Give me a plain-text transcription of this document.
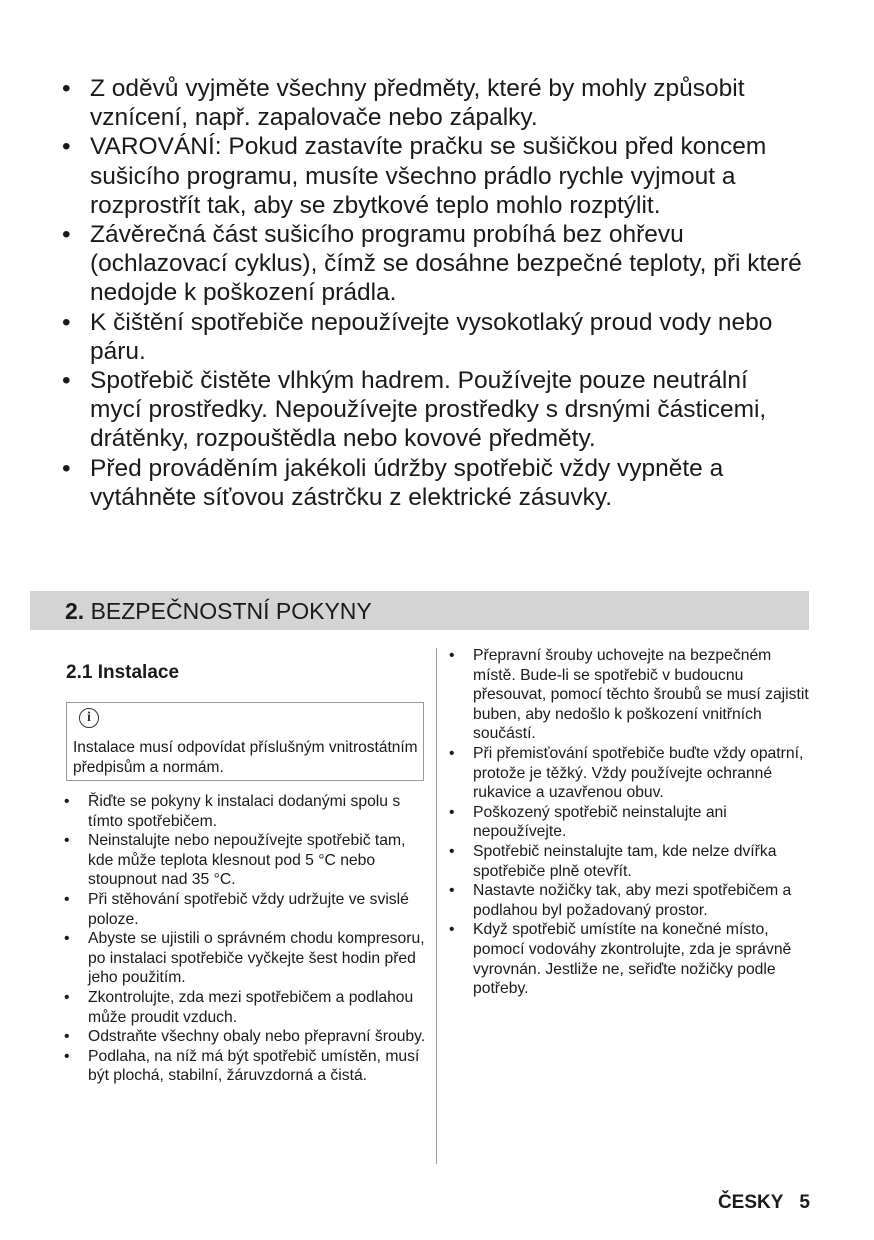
• Z oděvů vyjměte všechny předměty, které by mohly způsobit vznícení, např. zapalovače nebo zápalky.
• VAROVÁNÍ: Pokud zastavíte pračku se sušičkou před koncem sušicího programu, musíte všechno prádlo rychle vyjmout a rozprostřít tak, aby se zbytkové teplo mohlo rozptýlit.
• Závěrečná část sušicího programu probíhá bez ohřevu (ochlazovací cyklus), čímž se dosáhne bezpečné teploty, při které nedojde k poškození prádla.
• K čištění spotřebiče nepoužívejte vysokotlaký proud vody nebo páru.
• Spotřebič čistěte vlhkým hadrem. Používejte pouze neutrální mycí prostředky. Nepoužívejte prostředky s drsnými částicemi, drátěnky, rozpouštědla nebo kovové předměty.
• Před prováděním jakékoli údržby spotřebič vždy vypněte a vytáhněte síťovou zástrčku z elektrické zásuvky.
2. BEZPEČNOSTNÍ POKYNY
2.1 Instalace
i
Instalace musí odpovídat příslušným vnitrostátním předpisům a normám.
• Řiďte se pokyny k instalaci dodanými spolu s tímto spotřebičem.
• Neinstalujte nebo nepoužívejte spotřebič tam, kde může teplota klesnout pod 5 °C nebo stoupnout nad 35 °C.
• Při stěhování spotřebič vždy udržujte ve svislé poloze.
• Abyste se ujistili o správném chodu kompresoru, po instalaci spotřebiče vyčkejte šest hodin před jeho použitím.
• Zkontrolujte, zda mezi spotřebičem a podlahou může proudit vzduch.
• Odstraňte všechny obaly nebo přepravní šrouby.
• Podlaha, na níž má být spotřebič umístěn, musí být plochá, stabilní, žáruvzdorná a čistá.
• Přepravní šrouby uchovejte na bezpečném místě. Bude-li se spotřebič v budoucnu přesouvat, pomocí těchto šroubů se musí zajistit buben, aby nedošlo k poškození vnitřních součástí.
• Při přemisťování spotřebiče buďte vždy opatrní, protože je těžký. Vždy používejte ochranné rukavice a uzavřenou obuv.
• Poškozený spotřebič neinstalujte ani nepoužívejte.
• Spotřebič neinstalujte tam, kde nelze dvířka spotřebiče plně otevřít.
• Nastavte nožičky tak, aby mezi spotřebičem a podlahou byl požadovaný prostor.
• Když spotřebič umístíte na konečné místo, pomocí vodováhy zkontrolujte, zda je správně vyrovnán. Jestliže ne, seřiďte nožičky podle potřeby.
ČESKY 5
